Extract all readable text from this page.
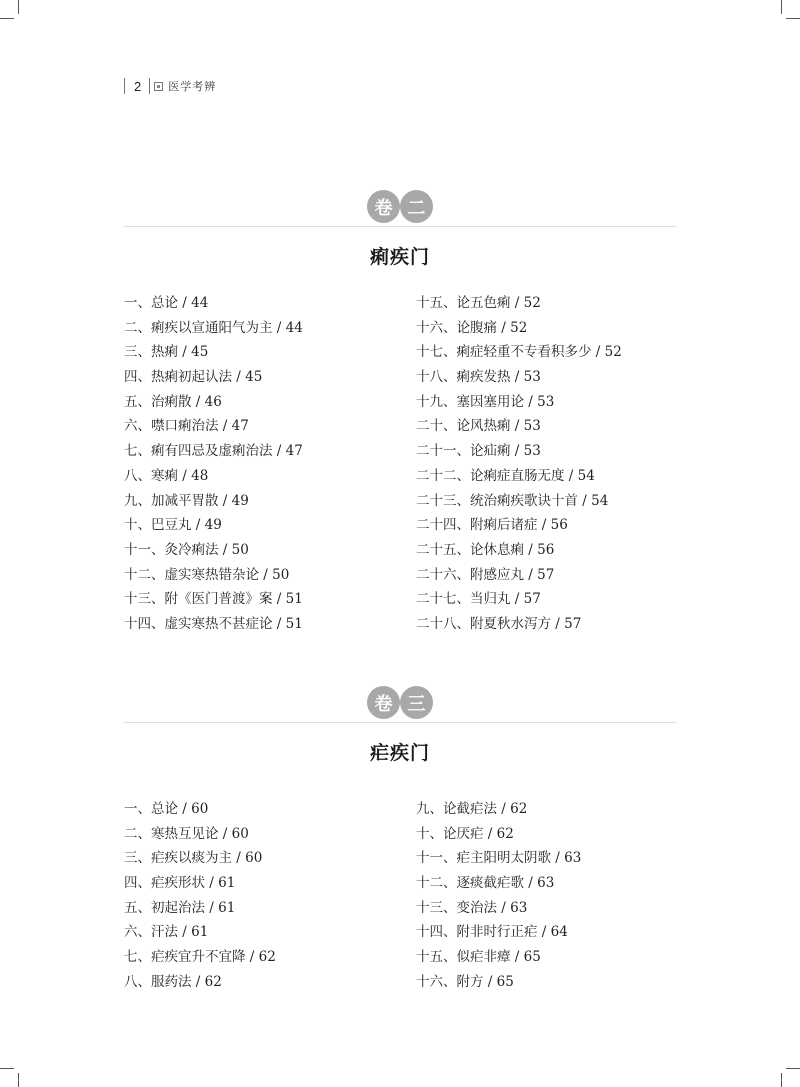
2 医学考辨
卷 二
痢疾门
一、总论 / 44
二、痢疾以宣通阳气为主 / 44
三、热痢 / 45
四、热痢初起认法 / 45
五、治痢散 / 46
六、噤口痢治法 / 47
七、痢有四忌及虚痢治法 / 47
八、寒痢 / 48
九、加减平胃散 / 49
十、巴豆丸 / 49
十一、灸冷痢法 / 50
十二、虚实寒热错杂论 / 50
十三、附《医门普渡》案 / 51
十四、虚实寒热不甚症论 / 51
十五、论五色痢 / 52
十六、论腹痛 / 52
十七、痢症轻重不专看积多少 / 52
十八、痢疾发热 / 53
十九、塞因塞用论 / 53
二十、论风热痢 / 53
二十一、论疝痢 / 53
二十二、论痢症直肠无度 / 54
二十三、统治痢疾歌诀十首 / 54
二十四、附痢后诸症 / 56
二十五、论休息痢 / 56
二十六、附感应丸 / 57
二十七、当归丸 / 57
二十八、附夏秋水泻方 / 57
卷 三
疟疾门
一、总论 / 60
二、寒热互见论 / 60
三、疟疾以痰为主 / 60
四、疟疾形状 / 61
五、初起治法 / 61
六、汗法 / 61
七、疟疾宜升不宜降 / 62
八、服药法 / 62
九、论截疟法 / 62
十、论厌疟 / 62
十一、疟主阳明太阴歌 / 63
十二、逐痰截疟歌 / 63
十三、变治法 / 63
十四、附非时行正疟 / 64
十五、似疟非瘴 / 65
十六、附方 / 65
